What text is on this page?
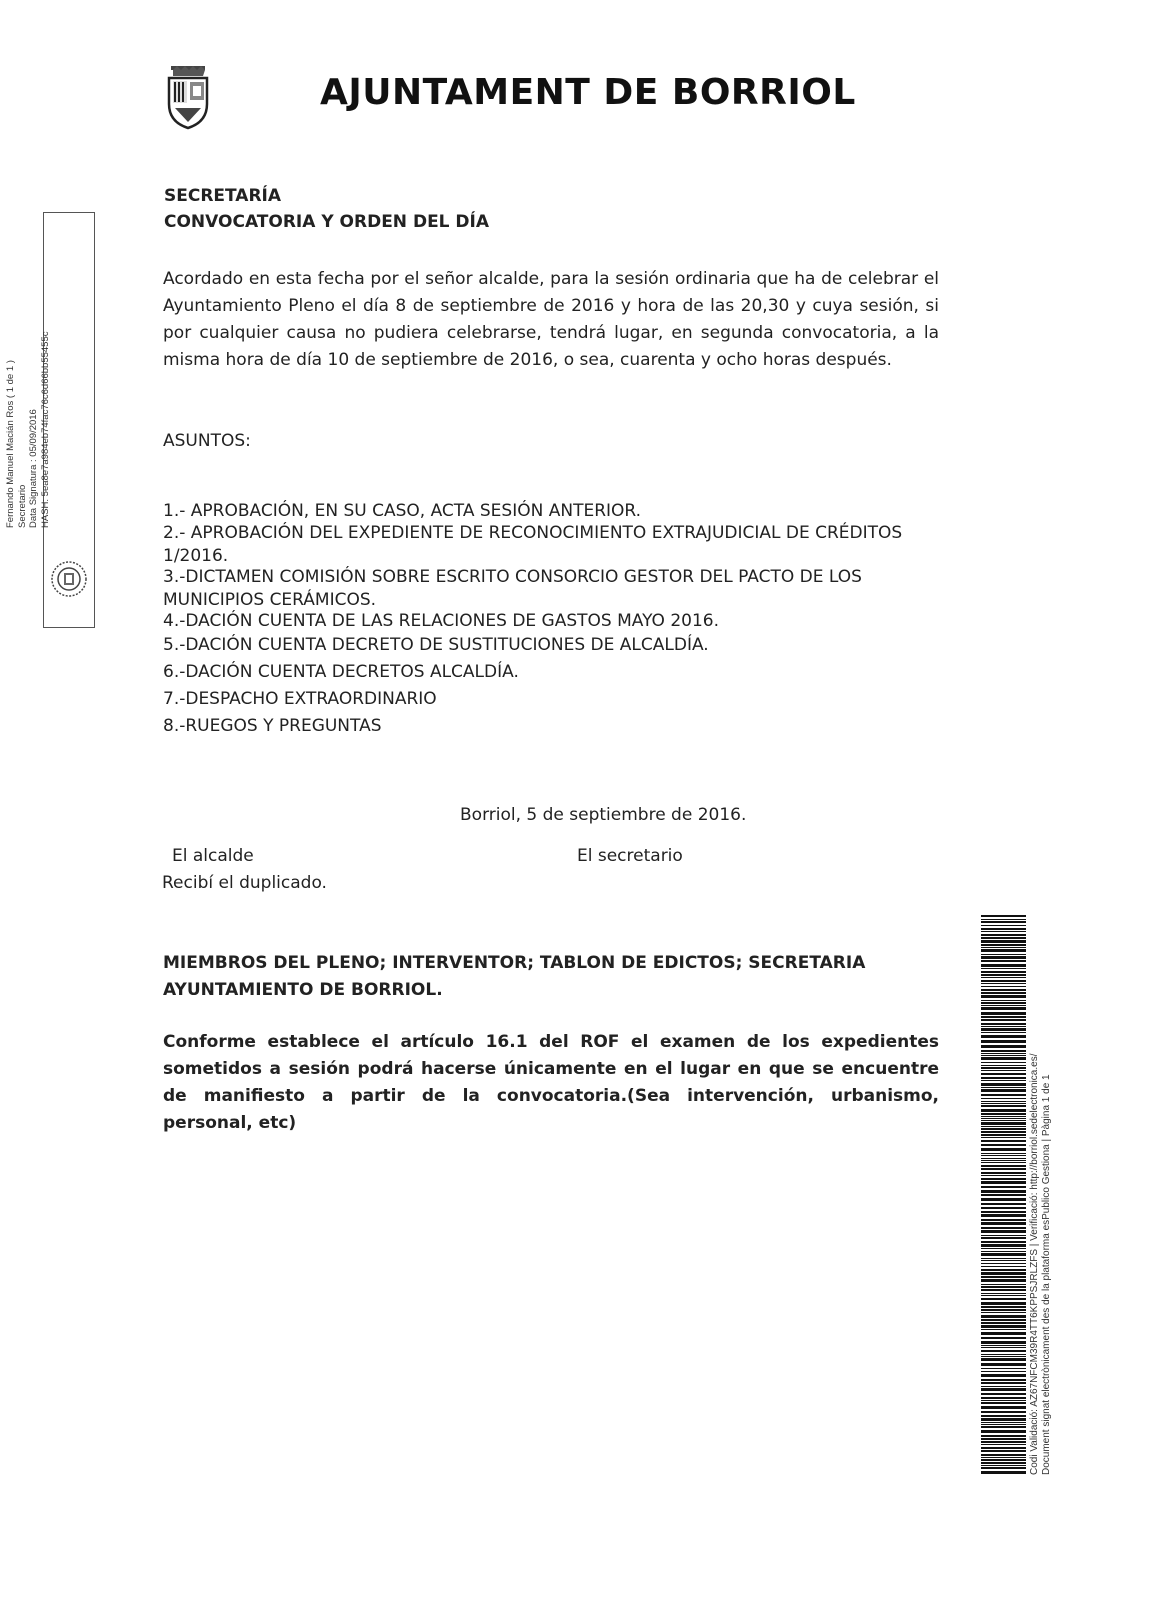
AJUNTAMENT DE BORRIOL
SECRETARÍA
CONVOCATORIA Y ORDEN DEL DÍA
Acordado en esta fecha por el señor alcalde, para la sesión ordinaria que ha de celebrar el Ayuntamiento Pleno el día 8 de septiembre de 2016 y hora de las 20,30 y cuya sesión, si por cualquier causa no pudiera celebrarse, tendrá lugar, en segunda convocatoria, a la misma hora de día 10 de septiembre de 2016, o sea, cuarenta y ocho horas después.
ASUNTOS:
1.- APROBACIÓN, EN SU CASO, ACTA SESIÓN ANTERIOR.
2.- APROBACIÓN DEL EXPEDIENTE DE RECONOCIMIENTO EXTRAJUDICIAL DE CRÉDITOS 1/2016.
3.-DICTAMEN COMISIÓN SOBRE ESCRITO CONSORCIO GESTOR DEL PACTO DE LOS MUNICIPIOS CERÁMICOS.
4.-DACIÓN CUENTA DE LAS RELACIONES DE GASTOS MAYO 2016.
5.-DACIÓN CUENTA DECRETO DE SUSTITUCIONES DE ALCALDÍA.
6.-DACIÓN CUENTA DECRETOS ALCALDÍA.
7.-DESPACHO EXTRAORDINARIO
8.-RUEGOS Y PREGUNTAS
Borriol, 5 de septiembre de 2016.
El alcalde	El secretario
Recibí el duplicado.
MIEMBROS DEL PLENO; INTERVENTOR; TABLON DE EDICTOS; SECRETARIA
AYUNTAMIENTO DE BORRIOL.
Conforme establece el artículo 16.1 del ROF el examen de los expedientes sometidos a sesión podrá hacerse únicamente en el lugar en que se encuentre de manifiesto a partir de la convocatoria.(Sea intervención, urbanismo, personal, etc)
Fernando Manuel Macián Ros ( 1 de 1 ) Secretario Data Signatura : 05/09/2016 HASH: 5ea8e7a984eb74fac76c6d66bb55455c
Codi Validació: AZ67NFCM39R4TT6KPPSJRLZFS | Verificació: http://borriol.sedelectronica.es/ Document signat electrònicament des de la plataforma esPublico Gestiona | Pàgina 1 de 1
